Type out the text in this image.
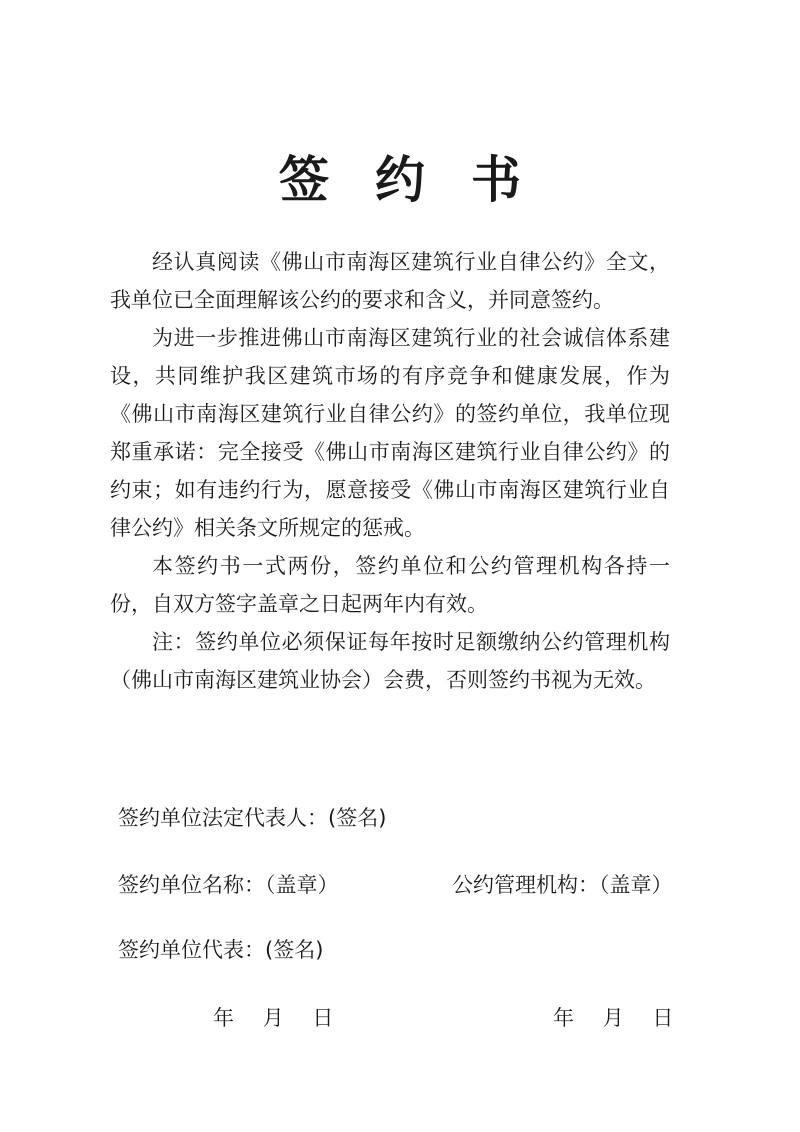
签约书

经认真阅读《佛山市南海区建筑行业自律公约》全文，我单位已全面理解该公约的要求和含义，并同意签约。

为进一步推进佛山市南海区建筑行业的社会诚信体系建设，共同维护我区建筑市场的有序竞争和健康发展，作为《佛山市南海区建筑行业自律公约》的签约单位，我单位现郑重承诺：完全接受《佛山市南海区建筑行业自律公约》的约束；如有违约行为，愿意接受《佛山市南海区建筑行业自律公约》相关条文所规定的惩戒。

本签约书一式两份，签约单位和公约管理机构各持一份，自双方签字盖章之日起两年内有效。

注：签约单位必须保证每年按时足额缴纳公约管理机构（佛山市南海区建筑业协会）会费，否则签约书视为无效。

签约单位法定代表人：(签名)
签约单位名称：（盖章）	公约管理机构：（盖章）
签约单位代表：(签名)
年 月 日	年 月 日
